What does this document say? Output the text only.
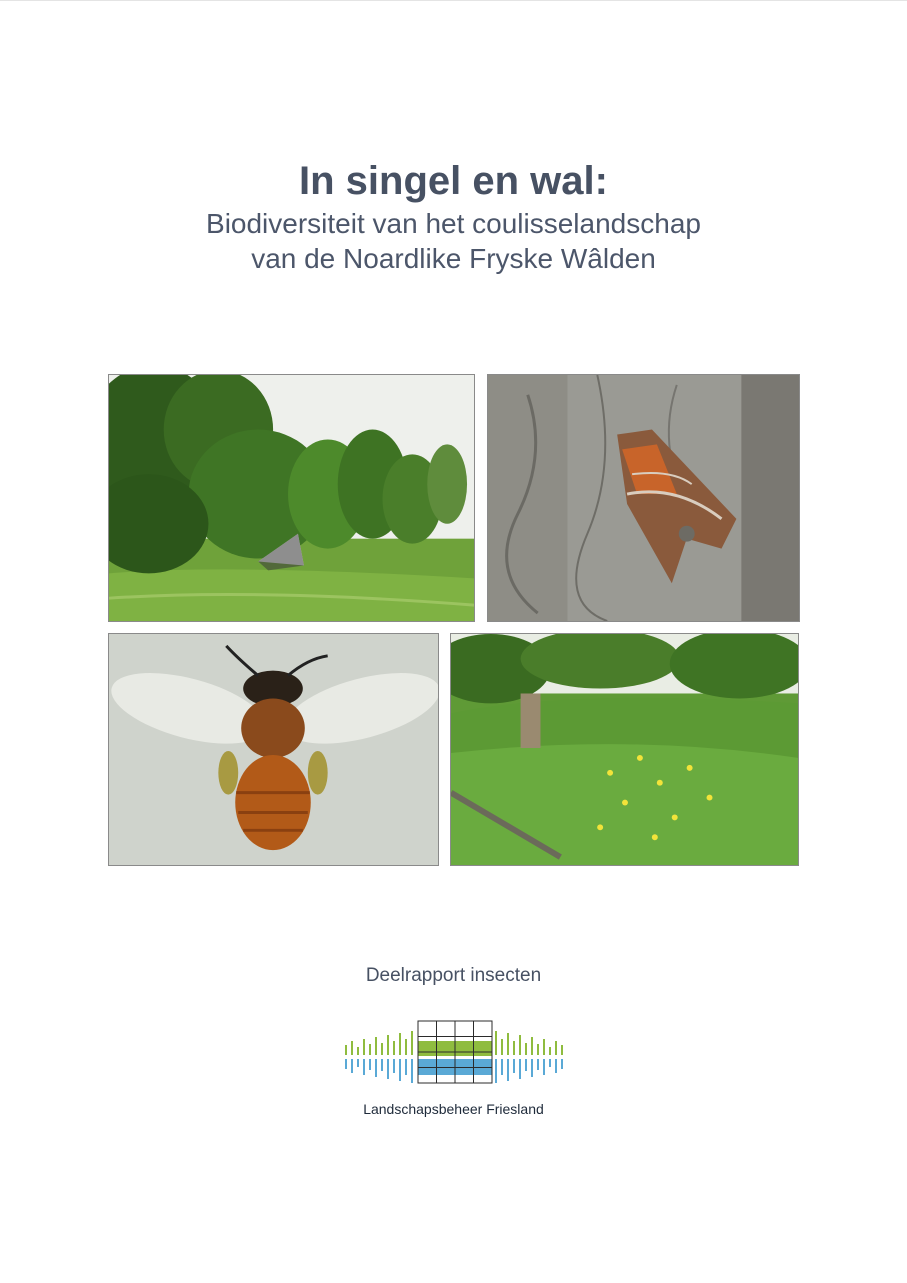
In singel en wal:
Biodiversiteit van het coulisselandschap
van de Noardlike Fryske Wâlden
Deelrapport insecten
Landschapsbeheer Friesland
